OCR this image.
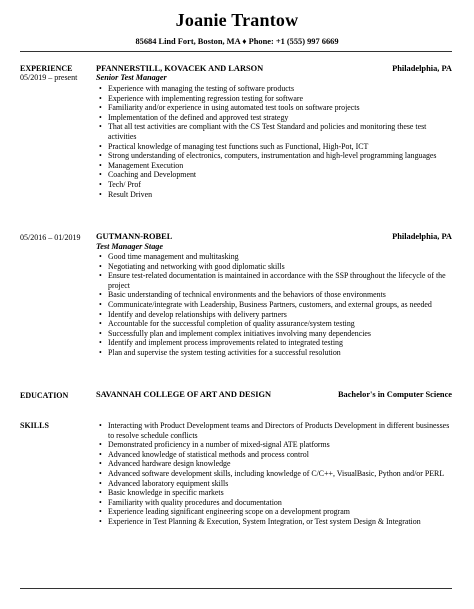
Joanie Trantow
85684 Lind Fort, Boston, MA ♦ Phone: +1 (555) 997 6669
EXPERIENCE
05/2019 – present
PFANNERSTILL, KOVACEK AND LARSON	Philadelphia, PA
Senior Test Manager
• Experience with managing the testing of software products
• Experience with implementing regression testing for software
• Familiarity and/or experience in using automated test tools on software projects
• Implementation of the defined and approved test strategy
• That all test activities are compliant with the CS Test Standard and policies and monitoring these test activities
• Practical knowledge of managing test functions such as Functional, High-Pot, ICT
• Strong understanding of electronics, computers, instrumentation and high-level programming languages
• Management Execution
• Coaching and Development
• Tech/ Prof
• Result Driven
05/2016 – 01/2019 GUTMANN-ROBEL	Philadelphia, PA
Test Manager Stage
• Good time management and multitasking
• Negotiating and networking with good diplomatic skills
• Ensure test-related documentation is maintained in accordance with the SSP throughout the lifecycle of the project
• Basic understanding of technical environments and the behaviors of those environments
• Communicate/integrate with Leadership, Business Partners, customers, and external groups, as needed
• Identify and develop relationships with delivery partners
• Accountable for the successful completion of quality assurance/system testing
• Successfully plan and implement complex initiatives involving many dependencies
• Identify and implement process improvements related to integrated testing
• Plan and supervise the system testing activities for a successful resolution
EDUCATION	SAVANNAH COLLEGE OF ART AND DESIGN	Bachelor's in Computer Science
SKILLS
•	Interacting with Product Development teams and Directors of Products Development in different businesses to resolve schedule conflicts
• Demonstrated proficiency in a number of mixed-signal ATE platforms
• Advanced knowledge of statistical methods and process control
• Advanced hardware design knowledge
• Advanced software development skills, including knowledge of C/C++, VisualBasic, Python and/or PERL
• Advanced laboratory equipment skills
• Basic knowledge in specific markets
• Familiarity with quality procedures and documentation
• Experience leading significant engineering scope on a development program
• Experience in Test Planning & Execution, System Integration, or Test system Design & Integration
